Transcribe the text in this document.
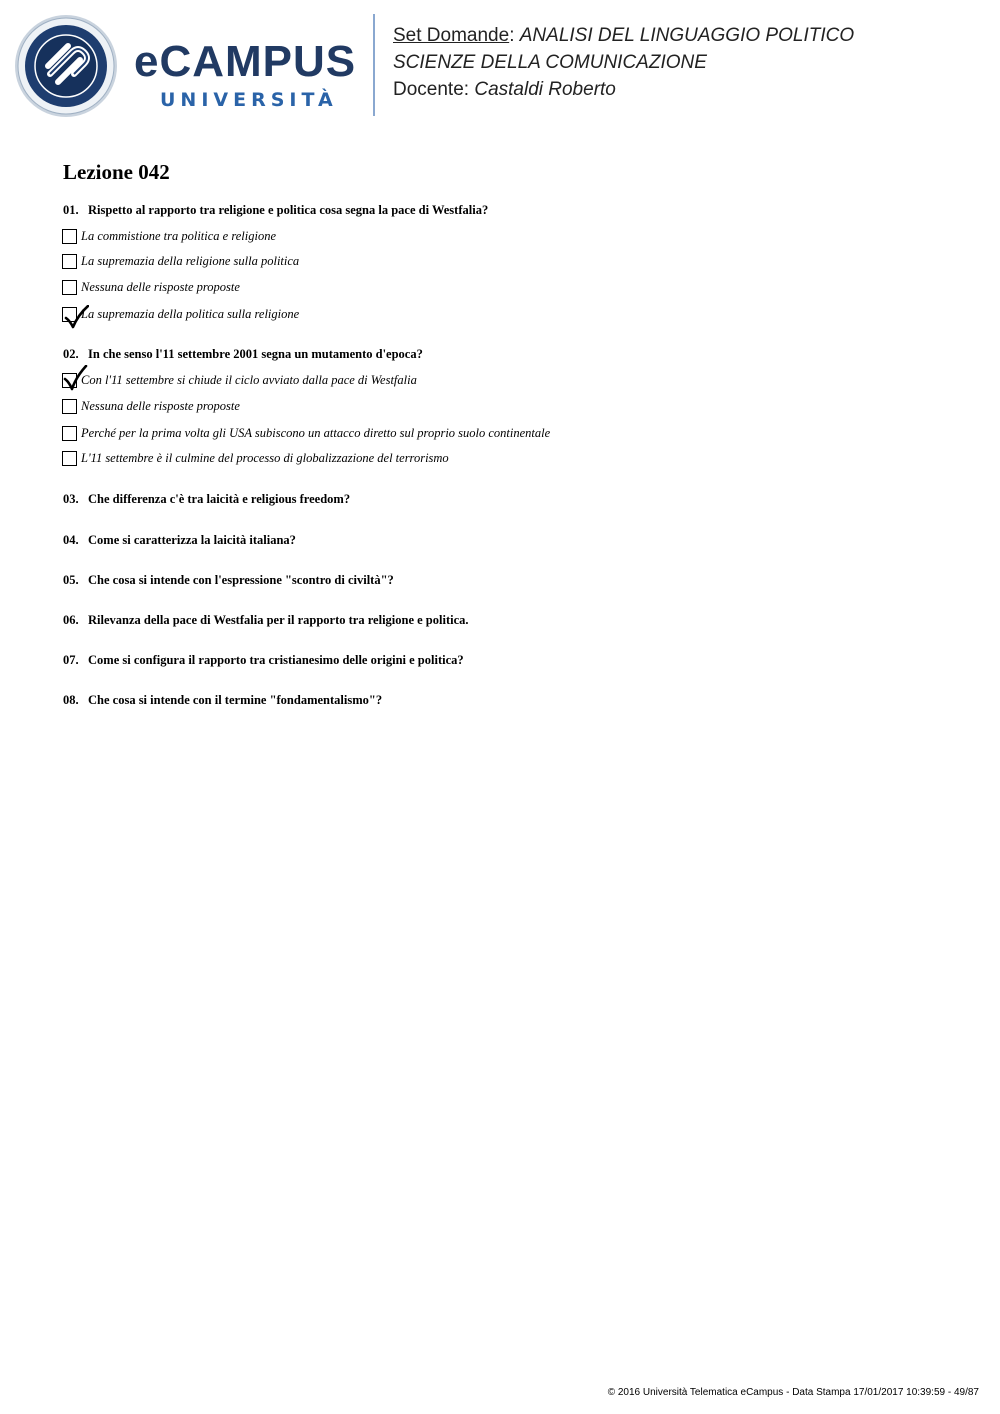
eCAMPUS
UNIVERSITÀ
Set Domande: ANALISI DEL LINGUAGGIO POLITICO
SCIENZE DELLA COMUNICAZIONE
Docente: Castaldi Roberto
Lezione 042
01. Rispetto al rapporto tra religione e politica cosa segna la pace di Westfalia?
La commistione tra politica e religione
La supremazia della religione sulla politica
Nessuna delle risposte proposte
La supremazia della politica sulla religione
02. In che senso l'11 settembre 2001 segna un mutamento d'epoca?
Con l'11 settembre si chiude il ciclo avviato dalla pace di Westfalia
Nessuna delle risposte proposte
Perché per la prima volta gli USA subiscono un attacco diretto sul proprio suolo continentale
L'11 settembre è il culmine del processo di globalizzazione del terrorismo
03. Che differenza c'è tra laicità e religious freedom?
04. Come si caratterizza la laicità italiana?
05. Che cosa si intende con l'espressione "scontro di civiltà"?
06. Rilevanza della pace di Westfalia per il rapporto tra religione e politica.
07. Come si configura il rapporto tra cristianesimo delle origini e politica?
08. Che cosa si intende con il termine "fondamentalismo"?
© 2016 Università Telematica eCampus - Data Stampa 17/01/2017 10:39:59 - 49/87
